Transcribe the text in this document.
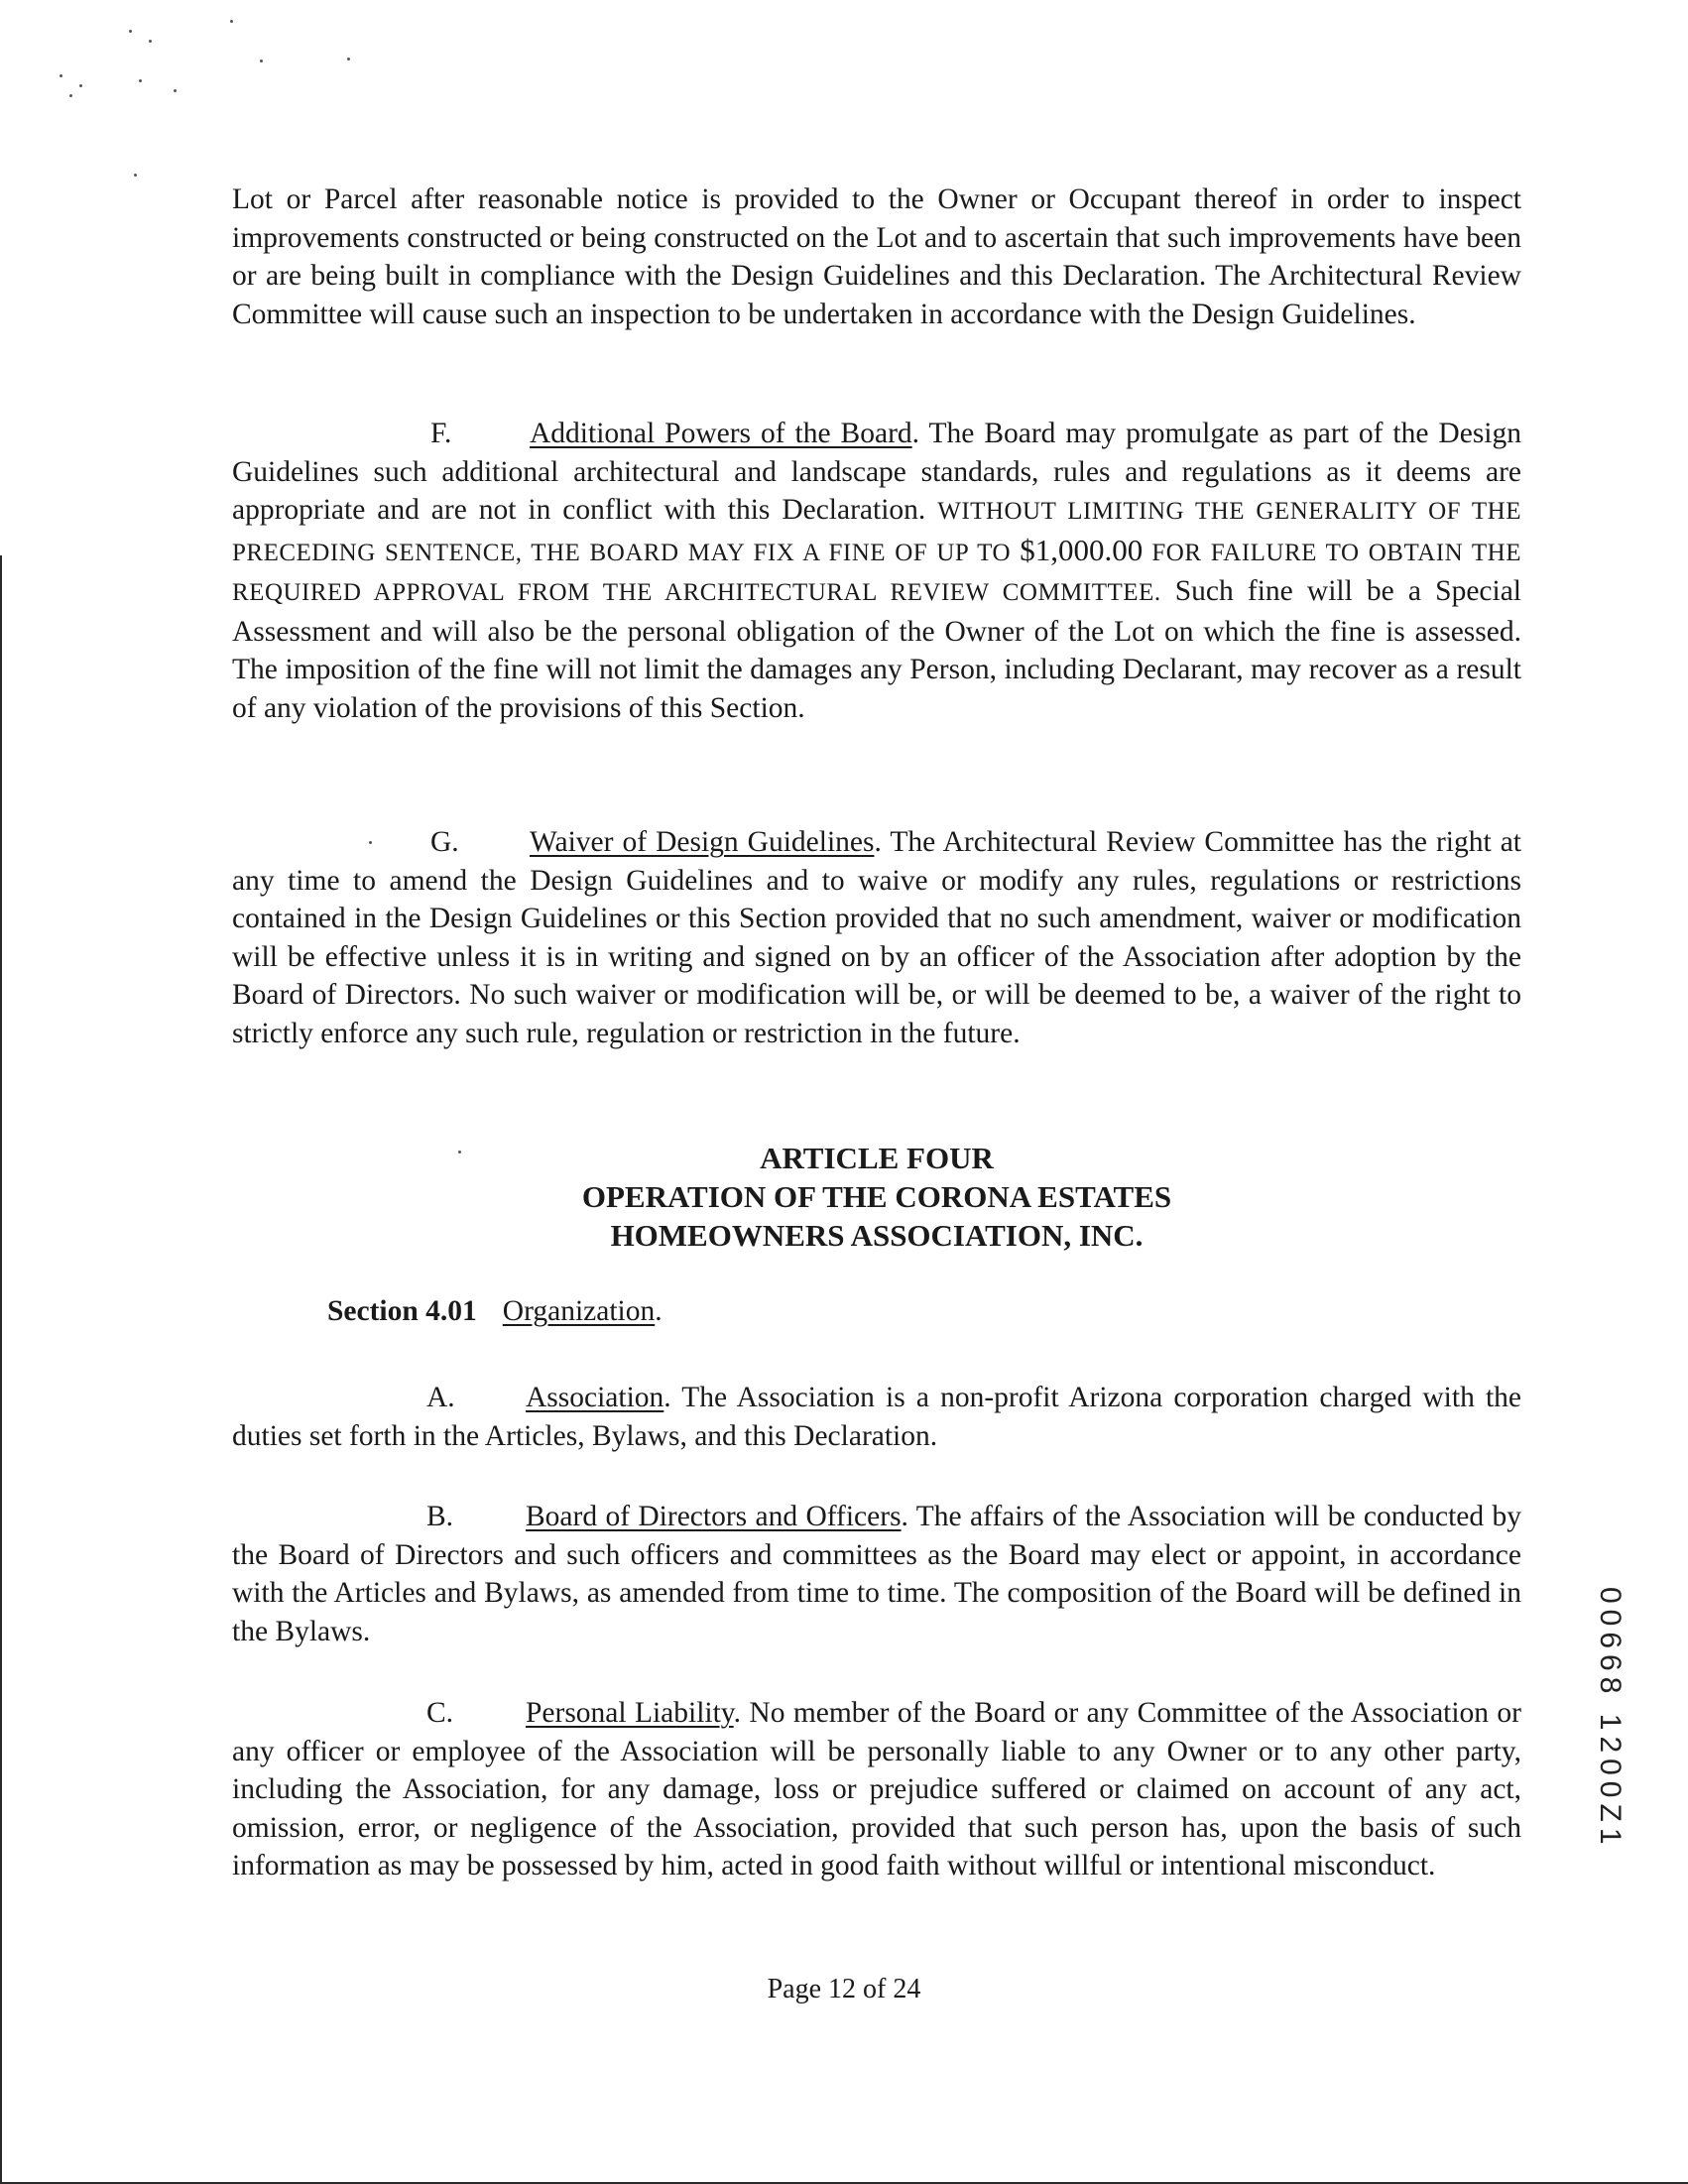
Lot or Parcel after reasonable notice is provided to the Owner or Occupant thereof in order to inspect improvements constructed or being constructed on the Lot and to ascertain that such improvements have been or are being built in compliance with the Design Guidelines and this Declaration. The Architectural Review Committee will cause such an inspection to be undertaken in accordance with the Design Guidelines.

F.	Additional Powers of the Board. The Board may promulgate as part of the Design Guidelines such additional architectural and landscape standards, rules and regulations as it deems are appropriate and are not in conflict with this Declaration. WITHOUT LIMITING THE GENERALITY OF THE PRECEDING SENTENCE, THE BOARD MAY FIX A FINE OF UP TO $1,000.00 FOR FAILURE TO OBTAIN THE REQUIRED APPROVAL FROM THE ARCHITECTURAL REVIEW COMMITTEE. Such fine will be a Special Assessment and will also be the personal obligation of the Owner of the Lot on which the fine is assessed. The imposition of the fine will not limit the damages any Person, including Declarant, may recover as a result of any violation of the provisions of this Section.

G. Waiver of Design Guidelines. The Architectural Review Committee has the right at any time to amend the Design Guidelines and to waive or modify any rules, regulations or restrictions contained in the Design Guidelines or this Section provided that no such amendment, waiver or modification will be effective unless it is in writing and signed on by an officer of the Association after adoption by the Board of Directors. No such waiver or modification will be, or will be deemed to be, a waiver of the right to strictly enforce any such rule, regulation or restriction in the future.

ARTICLE FOUR
OPERATION OF THE CORONA ESTATES
HOMEOWNERS ASSOCIATION, INC.
Section 4.01 Organization.

A. Association. The Association is a non-profit Arizona corporation charged with the duties set forth in the Articles, Bylaws, and this Declaration.

B. Board of Directors and Officers. The affairs of the Association will be conducted by the Board of Directors and such officers and committees as the Board may elect or appoint, in accordance with the Articles and Bylaws, as amended from time to time. The composition of the Board will be defined in the Bylaws.

C. Personal Liability. No member of the Board or any Committee of the Association or any officer or employee of the Association will be personally liable to any Owner or to any other party, including the Association, for any damage, loss or prejudice suffered or claimed on account of any act, omission, error, or negligence of the Association, provided that such person has, upon the basis of such information as may be possessed by him, acted in good faith without willful or intentional misconduct.

Page 12 of 24
00668 1200Z1
